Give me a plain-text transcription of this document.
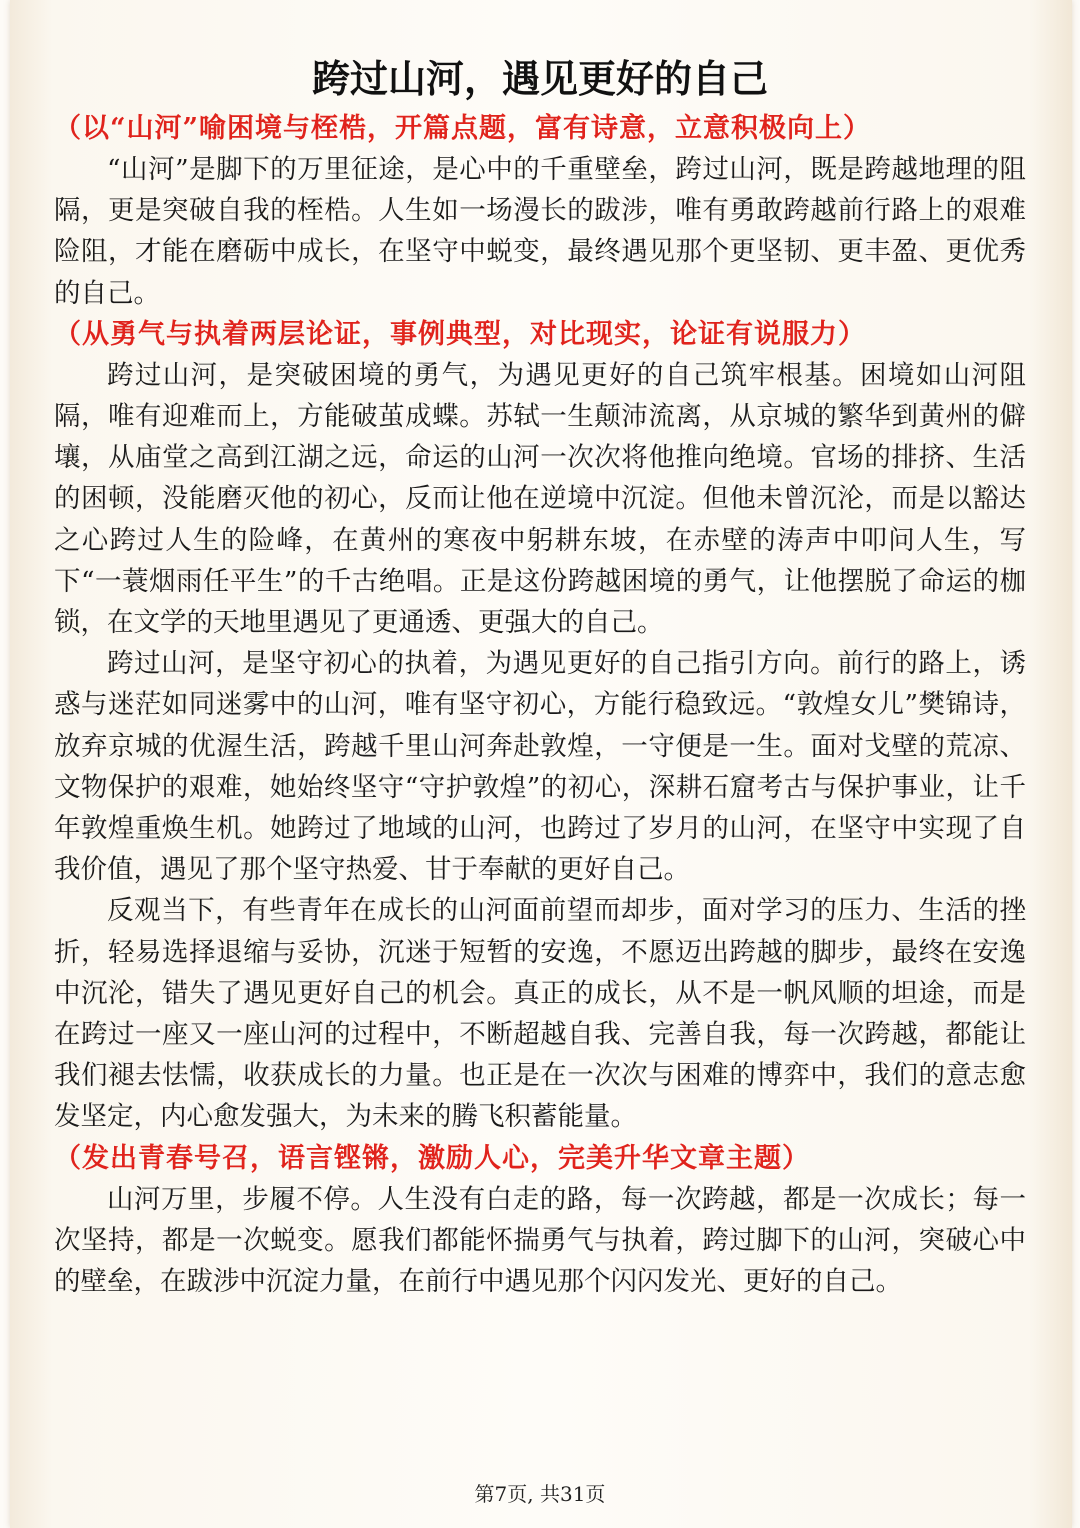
跨过山河，遇见更好的自己

（以“山河”喻困境与桎梏，开篇点题，富有诗意，立意积极向上）

“山河”是脚下的万里征途，是心中的千重壁垒，跨过山河，既是跨越地理的阻隔，更是突破自我的桎梏。人生如一场漫长的跋涉，唯有勇敢跨越前行路上的艰难险阻，才能在磨砺中成长，在坚守中蜕变，最终遇见那个更坚韧、更丰盈、更优秀的自己。

（从勇气与执着两层论证，事例典型，对比现实，论证有说服力）

跨过山河，是突破困境的勇气，为遇见更好的自己筑牢根基。困境如山河阻隔，唯有迎难而上，方能破茧成蝶。苏轼一生颠沛流离，从京城的繁华到黄州的僻壤，从庙堂之高到江湖之远，命运的山河一次次将他推向绝境。官场的排挤、生活的困顿，没能磨灭他的初心，反而让他在逆境中沉淀。但他未曾沉沦，而是以豁达之心跨过人生的险峰，在黄州的寒夜中躬耕东坡，在赤壁的涛声中叩问人生，写下“一蓑烟雨任平生”的千古绝唱。正是这份跨越困境的勇气，让他摆脱了命运的枷锁，在文学的天地里遇见了更通透、更强大的自己。

跨过山河，是坚守初心的执着，为遇见更好的自己指引方向。前行的路上，诱惑与迷茫如同迷雾中的山河，唯有坚守初心，方能行稳致远。“敦煌女儿”樊锦诗，放弃京城的优渥生活，跨越千里山河奔赴敦煌，一守便是一生。面对戈壁的荒凉、文物保护的艰难，她始终坚守“守护敦煌”的初心，深耕石窟考古与保护事业，让千年敦煌重焕生机。她跨过了地域的山河，也跨过了岁月的山河，在坚守中实现了自我价值，遇见了那个坚守热爱、甘于奉献的更好自己。

反观当下，有些青年在成长的山河面前望而却步，面对学习的压力、生活的挫折，轻易选择退缩与妥协，沉迷于短暂的安逸，不愿迈出跨越的脚步，最终在安逸中沉沦，错失了遇见更好自己的机会。真正的成长，从不是一帆风顺的坦途，而是在跨过一座又一座山河的过程中，不断超越自我、完善自我，每一次跨越，都能让我们褪去怯懦，收获成长的力量。也正是在一次次与困难的博弈中，我们的意志愈发坚定，内心愈发强大，为未来的腾飞积蓄能量。

（发出青春号召，语言铿锵，激励人心，完美升华文章主题）

山河万里，步履不停。人生没有白走的路，每一次跨越，都是一次成长；每一次坚持，都是一次蜕变。愿我们都能怀揣勇气与执着，跨过脚下的山河，突破心中的壁垒，在跋涉中沉淀力量，在前行中遇见那个闪闪发光、更好的自己。

第7页, 共31页
